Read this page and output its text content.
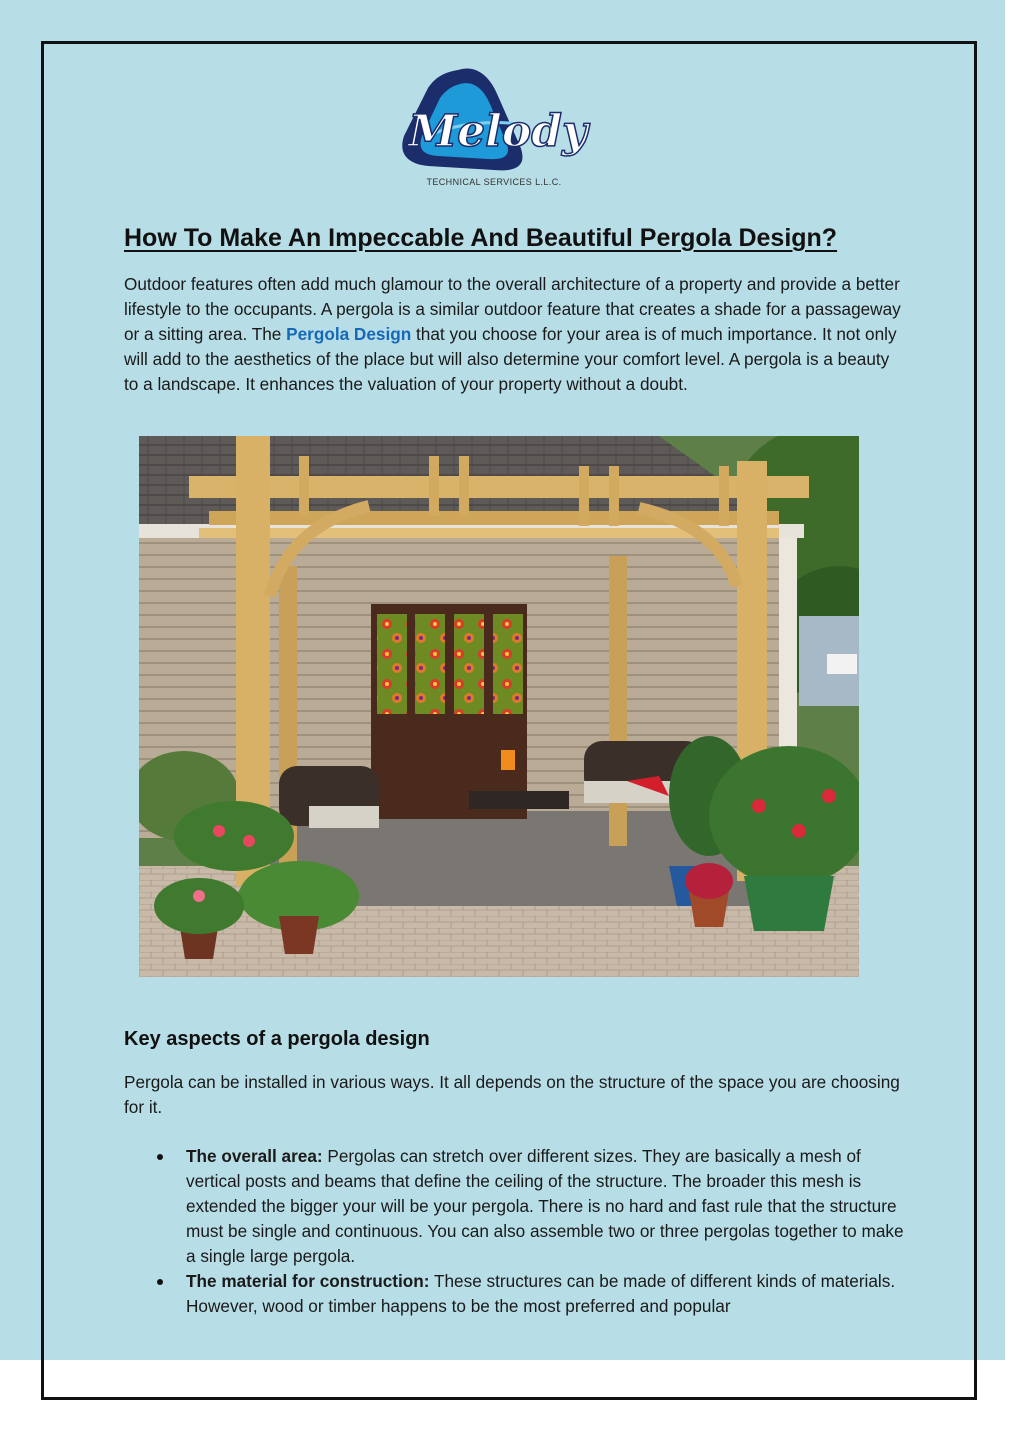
Melody
TECHNICAL SERVICES L.L.C.
How To Make An Impeccable And Beautiful Pergola Design?

Outdoor features often add much glamour to the overall architecture of a property and provide a better lifestyle to the occupants. A pergola is a similar outdoor feature that creates a shade for a passageway or a sitting area. The Pergola Design that you choose for your area is of much importance. It not only will add to the aesthetics of the place but will also determine your comfort level. A pergola is a beauty to a landscape. It enhances the valuation of your property without a doubt.

Key aspects of a pergola design

Pergola can be installed in various ways. It all depends on the structure of the space you are choosing for it.

The overall area: Pergolas can stretch over different sizes. They are basically a mesh of vertical posts and beams that define the ceiling of the structure. The broader this mesh is extended the bigger your will be your pergola. There is no hard and fast rule that the structure must be single and continuous. You can also assemble two or three pergolas together to make a single large pergola.
The material for construction: These structures can be made of different kinds of materials. However, wood or timber happens to be the most preferred and popular
